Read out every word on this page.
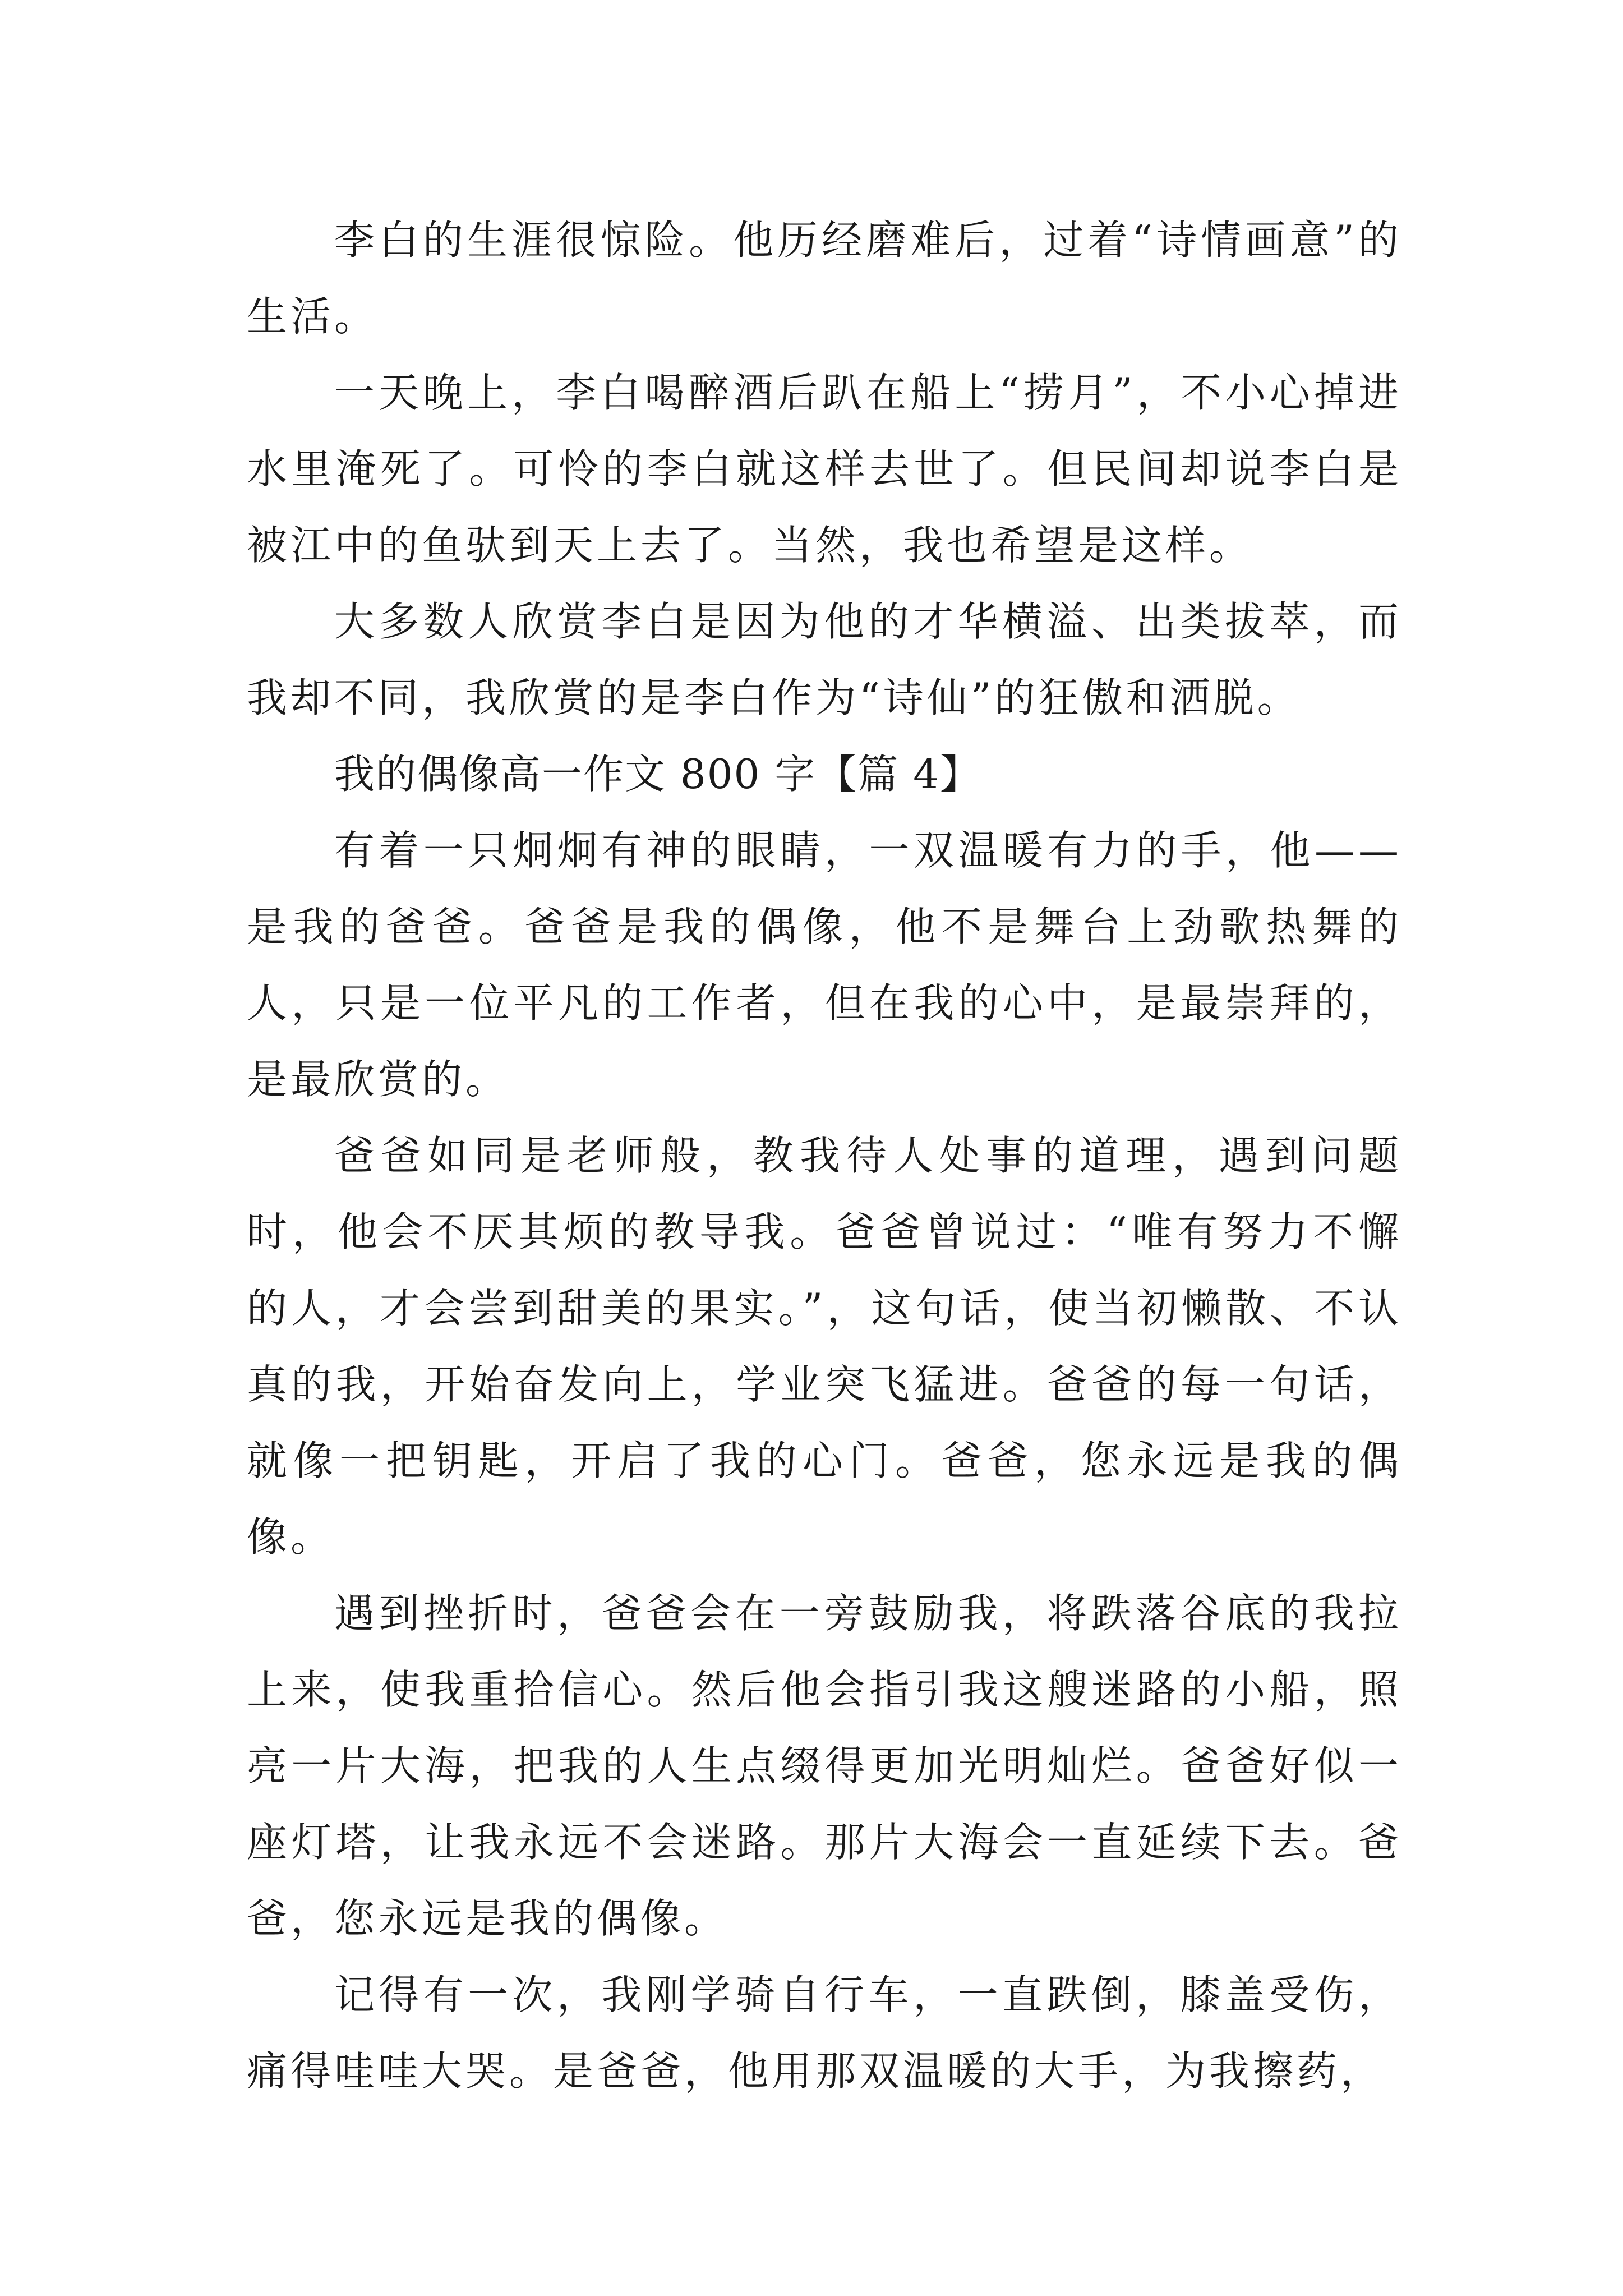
李白的生涯很惊险。他历经磨难后，过着“诗情画意”的生活。

一天晚上，李白喝醉酒后趴在船上“捞月”，不小心掉进水里淹死了。可怜的李白就这样去世了。但民间却说李白是被江中的鱼驮到天上去了。当然，我也希望是这样。

大多数人欣赏李白是因为他的才华横溢、出类拔萃，而我却不同，我欣赏的是李白作为“诗仙”的狂傲和洒脱。

我的偶像高一作文 800 字【篇 4】

有着一只炯炯有神的眼睛，一双温暖有力的手，他——是我的爸爸。爸爸是我的偶像，他不是舞台上劲歌热舞的人，只是一位平凡的工作者，但在我的心中，是最崇拜的，是最欣赏的。

爸爸如同是老师般，教我待人处事的道理，遇到问题时，他会不厌其烦的教导我。爸爸曾说过：“唯有努力不懈的人，才会尝到甜美的果实。”，这句话，使当初懒散、不认真的我，开始奋发向上，学业突飞猛进。爸爸的每一句话，就像一把钥匙，开启了我的心门。爸爸，您永远是我的偶像。

遇到挫折时，爸爸会在一旁鼓励我，将跌落谷底的我拉上来，使我重拾信心。然后他会指引我这艘迷路的小船，照亮一片大海，把我的人生点缀得更加光明灿烂。爸爸好似一座灯塔，让我永远不会迷路。那片大海会一直延续下去。爸爸，您永远是我的偶像。

记得有一次，我刚学骑自行车，一直跌倒，膝盖受伤，痛得哇哇大哭。是爸爸，他用那双温暖的大手，为我擦药，
